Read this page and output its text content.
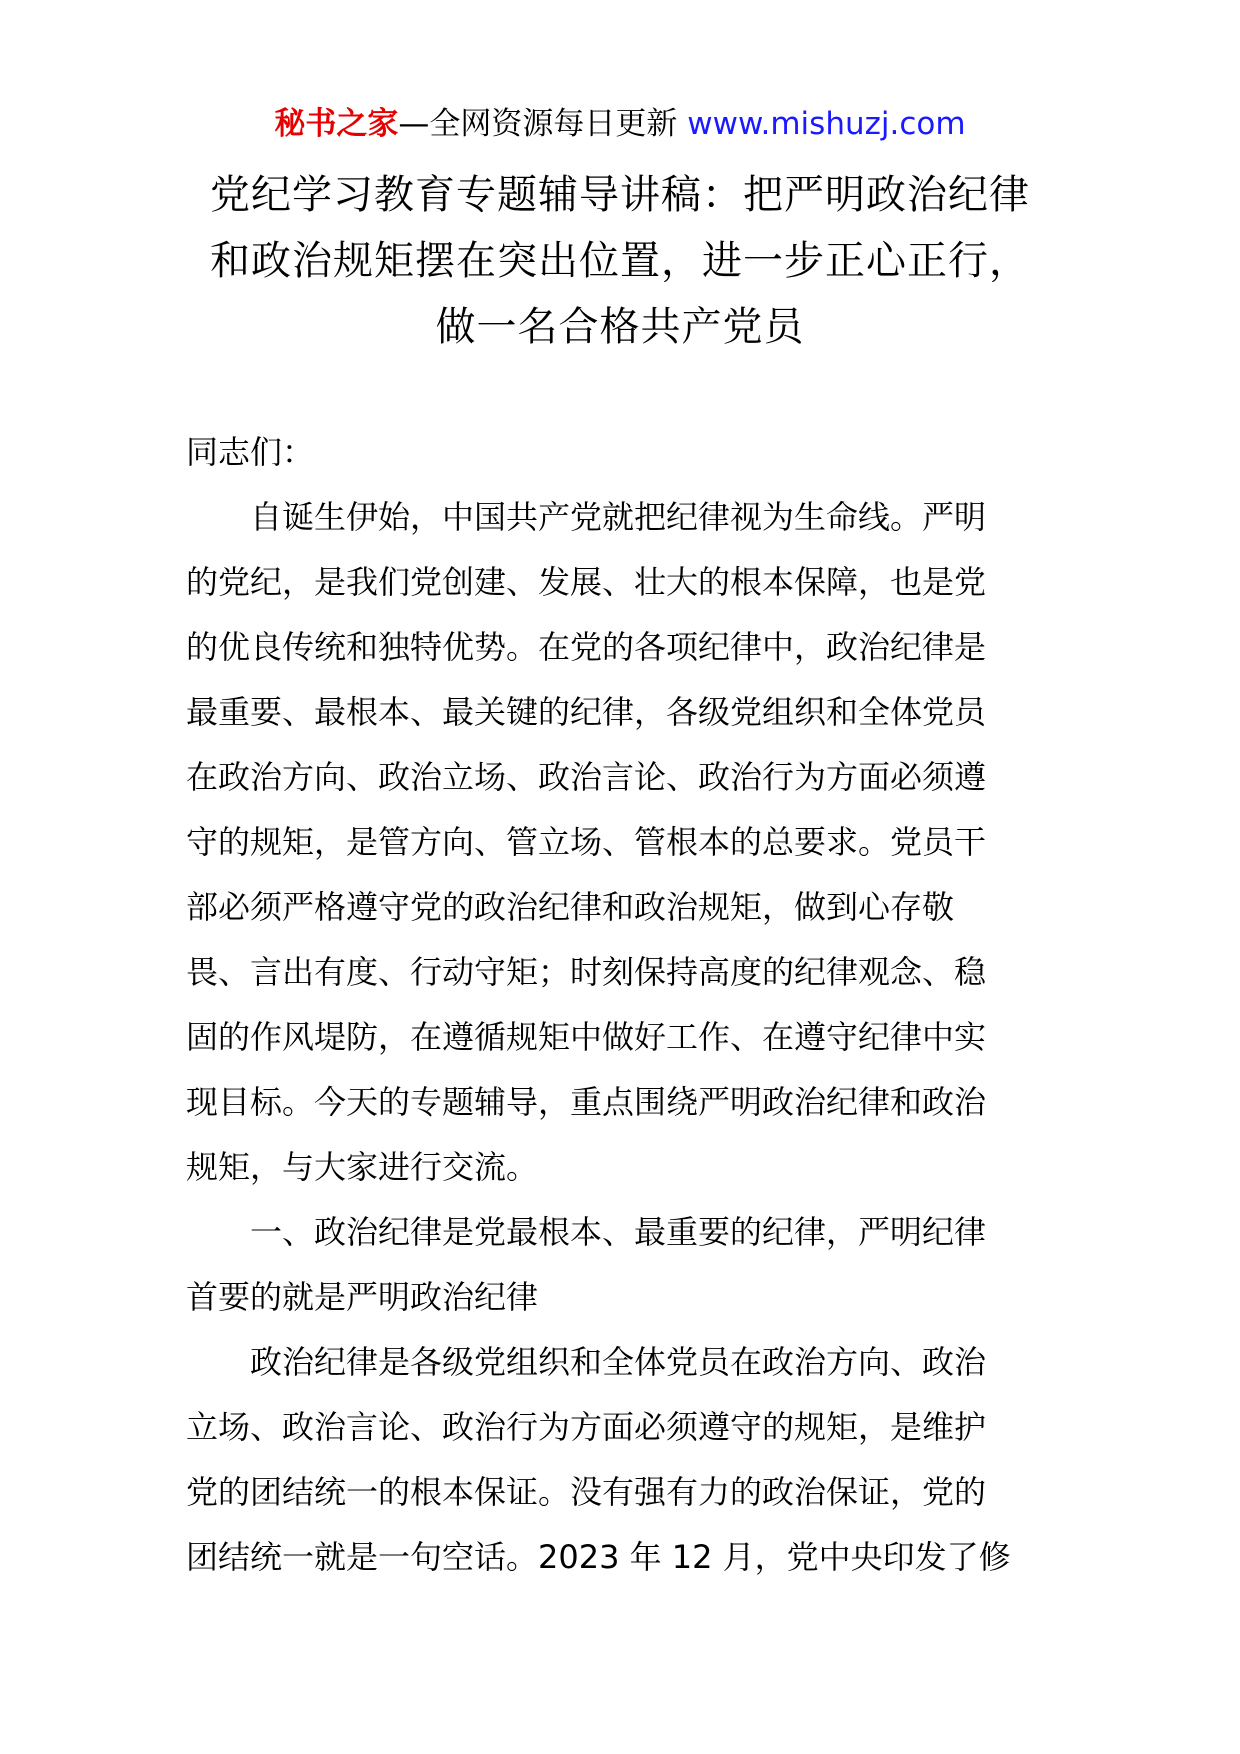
秘书之家—全网资源每日更新 www.mishuzj.com
党纪学习教育专题辅导讲稿：把严明政治纪律
和政治规矩摆在突出位置，进一步正心正行，
做一名合格共产党员
同志们：
　　自诞生伊始，中国共产党就把纪律视为生命线。严明
的党纪，是我们党创建、发展、壮大的根本保障，也是党
的优良传统和独特优势。在党的各项纪律中，政治纪律是
最重要、最根本、最关键的纪律，各级党组织和全体党员
在政治方向、政治立场、政治言论、政治行为方面必须遵
守的规矩，是管方向、管立场、管根本的总要求。党员干
部必须严格遵守党的政治纪律和政治规矩，做到心存敬
畏、言出有度、行动守矩；时刻保持高度的纪律观念、稳
固的作风堤防，在遵循规矩中做好工作、在遵守纪律中实
现目标。今天的专题辅导，重点围绕严明政治纪律和政治
规矩，与大家进行交流。
　　一、政治纪律是党最根本、最重要的纪律，严明纪律
首要的就是严明政治纪律
　　政治纪律是各级党组织和全体党员在政治方向、政治
立场、政治言论、政治行为方面必须遵守的规矩，是维护
党的团结统一的根本保证。没有强有力的政治保证，党的
团结统一就是一句空话。2023 年 12 月，党中央印发了修
